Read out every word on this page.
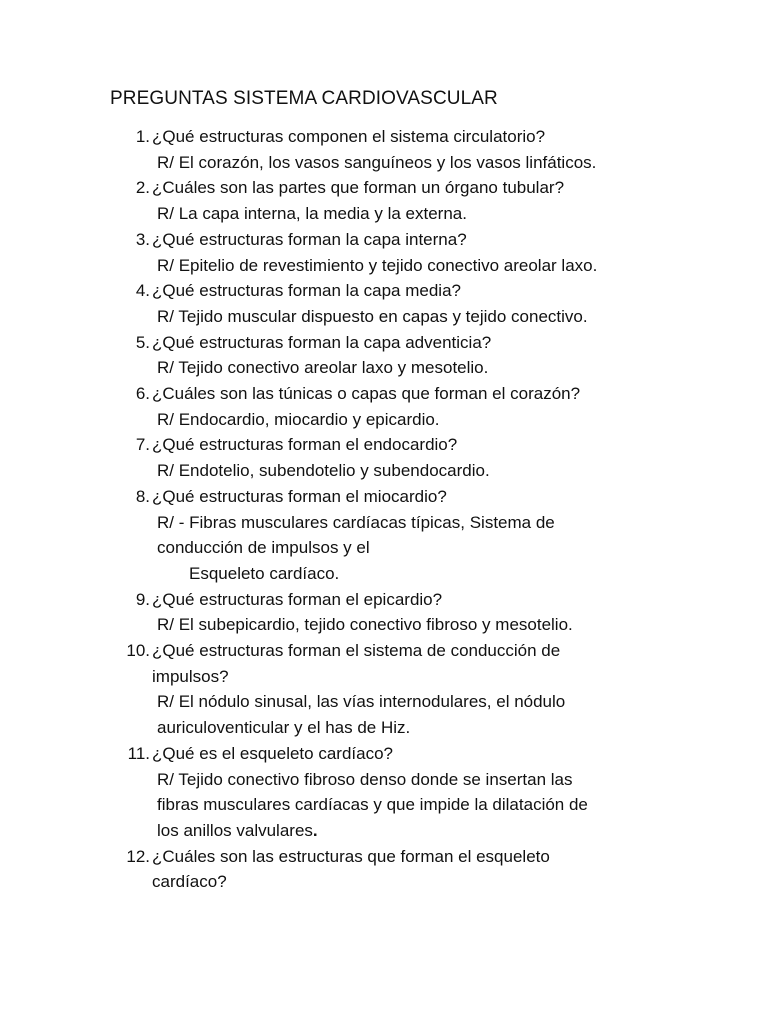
PREGUNTAS SISTEMA CARDIOVASCULAR
1. ¿Qué estructuras componen el sistema circulatorio?
R/ El corazón, los vasos sanguíneos y los vasos linfáticos.
2. ¿Cuáles son las partes que forman un órgano tubular?
R/ La capa interna, la media y la externa.
3. ¿Qué estructuras forman la capa interna?
R/ Epitelio de revestimiento y tejido conectivo areolar laxo.
4. ¿Qué estructuras forman la capa media?
R/ Tejido muscular dispuesto en capas y tejido conectivo.
5. ¿Qué estructuras forman la capa adventicia?
R/ Tejido conectivo areolar laxo y mesotelio.
6. ¿Cuáles son las túnicas o capas que forman el corazón?
R/ Endocardio, miocardio y epicardio.
7. ¿Qué estructuras forman el endocardio?
R/ Endotelio, subendotelio y subendocardio.
8. ¿Qué estructuras forman el miocardio?
R/ - Fibras musculares cardíacas típicas, Sistema de
conducción de impulsos y el
Esqueleto cardíaco.
9. ¿Qué estructuras forman el epicardio?
R/ El subepicardio, tejido conectivo fibroso y mesotelio.
10. ¿Qué estructuras forman el sistema de conducción de
impulsos?
R/ El nódulo sinusal, las vías internodulares, el nódulo
auriculoventicular y el has de Hiz.
11. ¿Qué es el esqueleto cardíaco?
R/ Tejido conectivo fibroso denso donde se insertan las
fibras musculares cardíacas y que impide la dilatación de
los anillos valvulares.
12. ¿Cuáles son las estructuras que forman el esqueleto
cardíaco?
